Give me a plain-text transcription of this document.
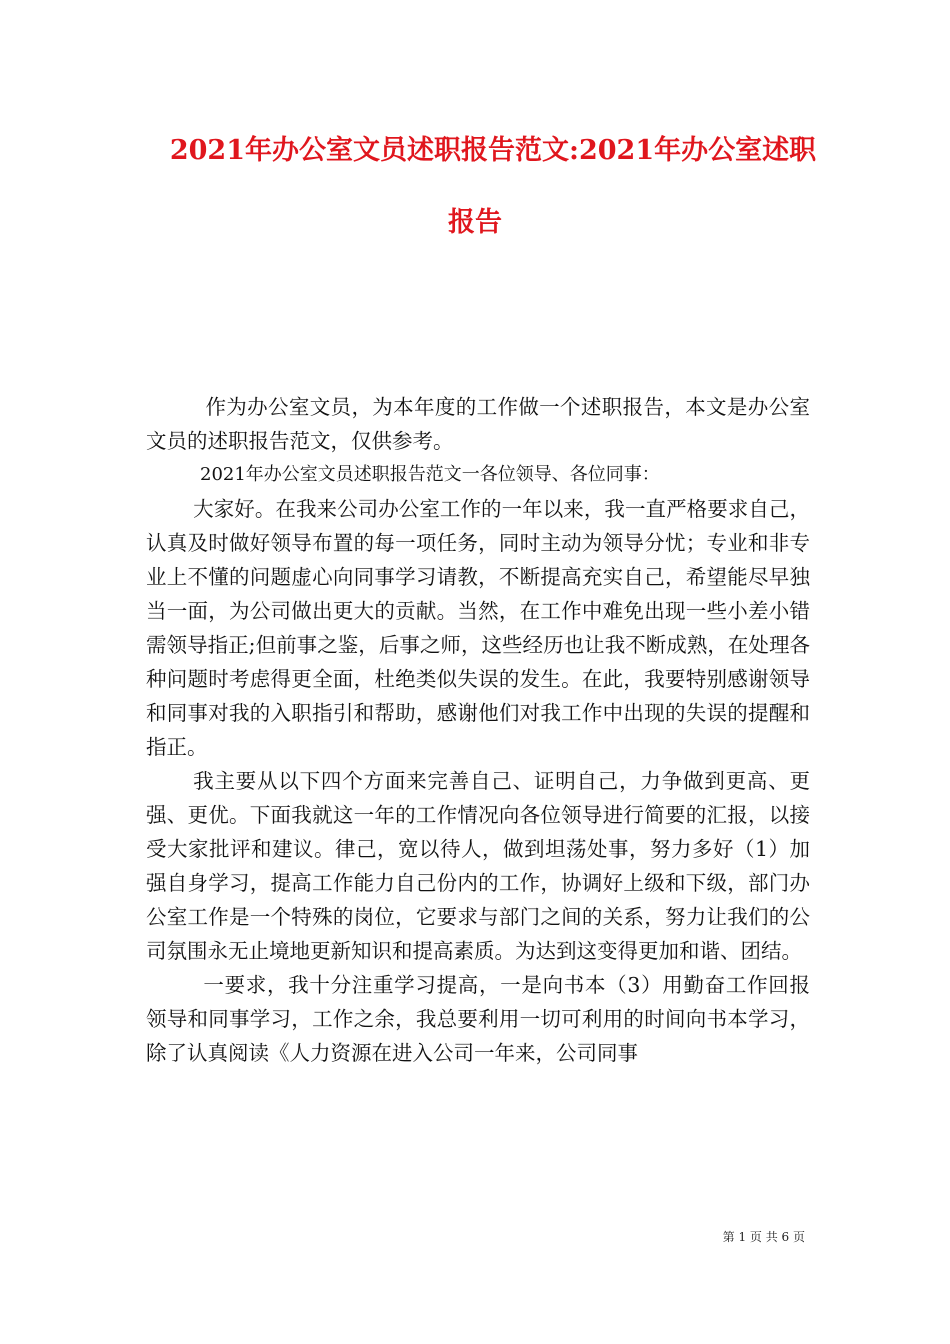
2021年办公室文员述职报告范文:2021年办公室述职
报告

作为办公室文员，为本年度的工作做一个述职报告，本文是办公室文员的述职报告范文，仅供参考。

2021年办公室文员述职报告范文一各位领导、各位同事：

大家好。在我来公司办公室工作的一年以来，我一直严格要求自己，认真及时做好领导布置的每一项任务，同时主动为领导分忧；专业和非专业上不懂的问题虚心向同事学习请教，不断提高充实自己，希望能尽早独当一面，为公司做出更大的贡献。当然，在工作中难免出现一些小差小错需领导指正;但前事之鉴，后事之师，这些经历也让我不断成熟，在处理各种问题时考虑得更全面，杜绝类似失误的发生。在此，我要特别感谢领导和同事对我的入职指引和帮助，感谢他们对我工作中出现的失误的提醒和指正。

我主要从以下四个方面来完善自己、证明自己，力争做到更高、更强、更优。下面我就这一年的工作情况向各位领导进行简要的汇报，以接受大家批评和建议。律己，宽以待人，做到坦荡处事，努力多好（1）加强自身学习，提高工作能力自己份内的工作，协调好上级和下级，部门办公室工作是一个特殊的岗位，它要求与部门之间的关系，努力让我们的公司氛围永无止境地更新知识和提高素质。为达到这变得更加和谐、团结。

一要求，我十分注重学习提高，一是向书本（3）用勤奋工作回报领导和同事学习，工作之余，我总要利用一切可利用的时间向书本学习，除了认真阅读《人力资源在进入公司一年来，公司同事

第 1 页 共 6 页
